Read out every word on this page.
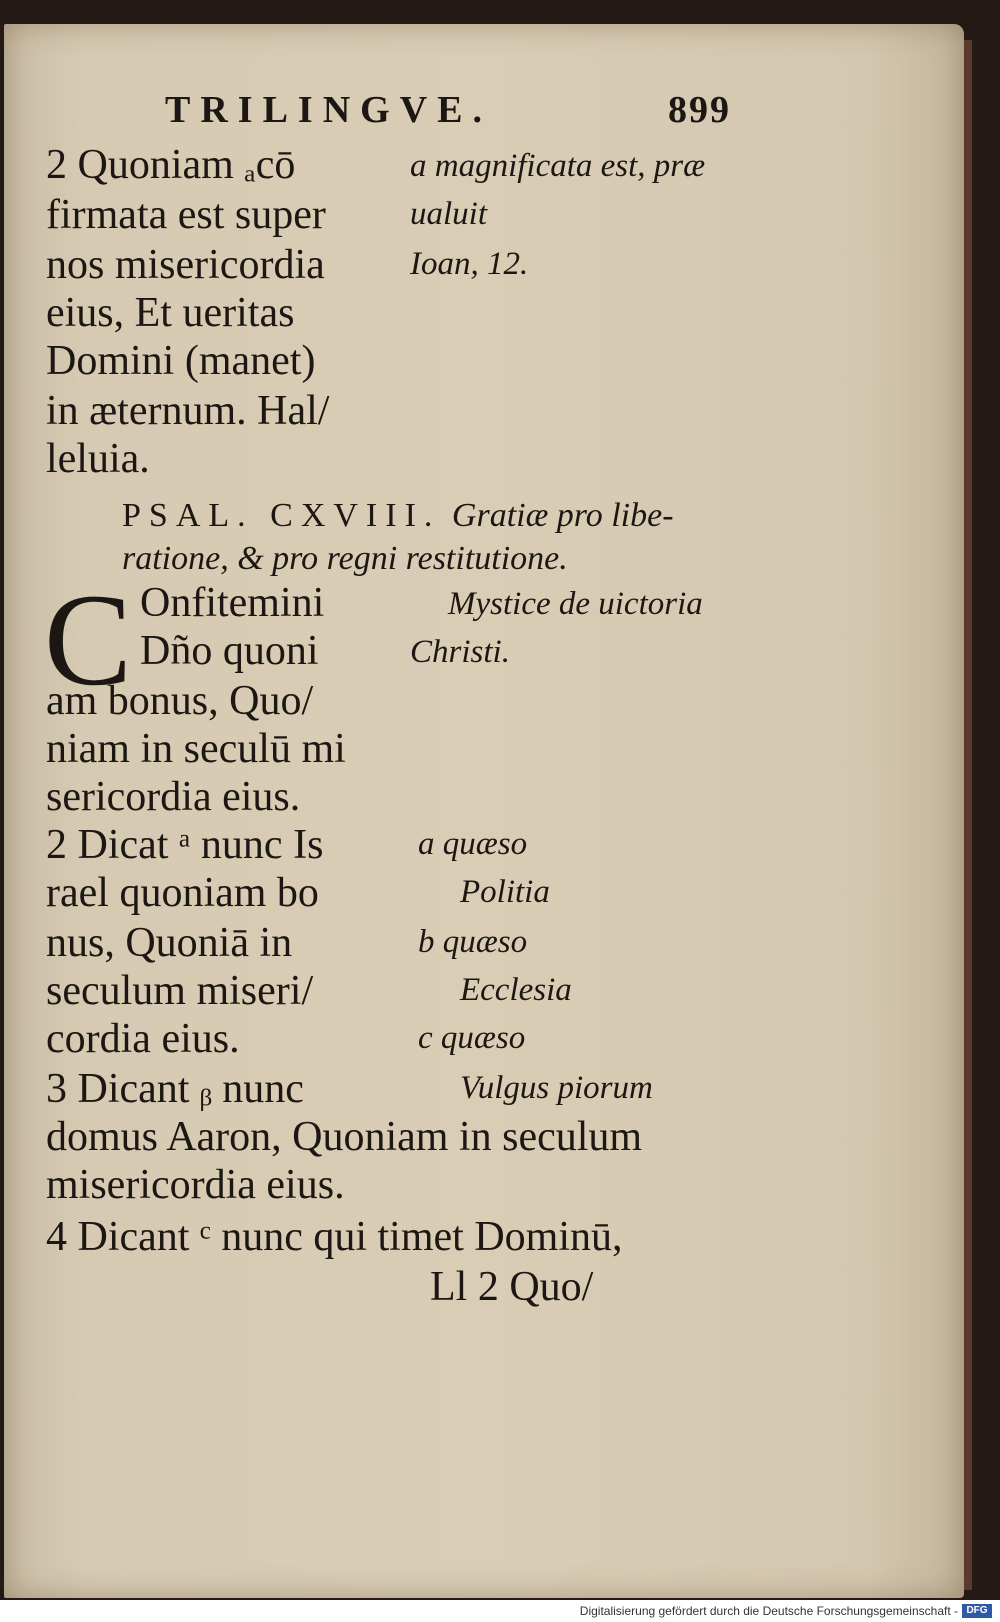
TRILINGVE.	899
2 Quoniam ₐcō
firmata est super
nos misericordia
eius, Et ueritas
Domini (manet)
in æternum. Hal/
leluia.
a magnificata est, præ
ualuit
Ioan, 12.
PSAL. CXVIII. Gratiæ pro libe-
ratione, & pro regni restitutione.
C Onfitemini
Dño quoni
am bonus, Quo/
niam in seculū mi
sericordia eius.
Mystice de uictoria
Christi.
2 Dicat ᵃ nunc Is
rael quoniam bo
nus, Quoniā in
seculum miseri/
cordia eius.
a quæso
Politia
b quæso
Ecclesia
c quæso
Vulgus piorum
3 Dicant ᵦ nunc
domus Aaron, Quoniam in seculum
misericordia eius.
4 Dicant ᶜ nunc qui timet Dominū,
Ll 2 Quo/
Digitalisierung gefördert durch die Deutsche Forschungsgemeinschaft - DFG
